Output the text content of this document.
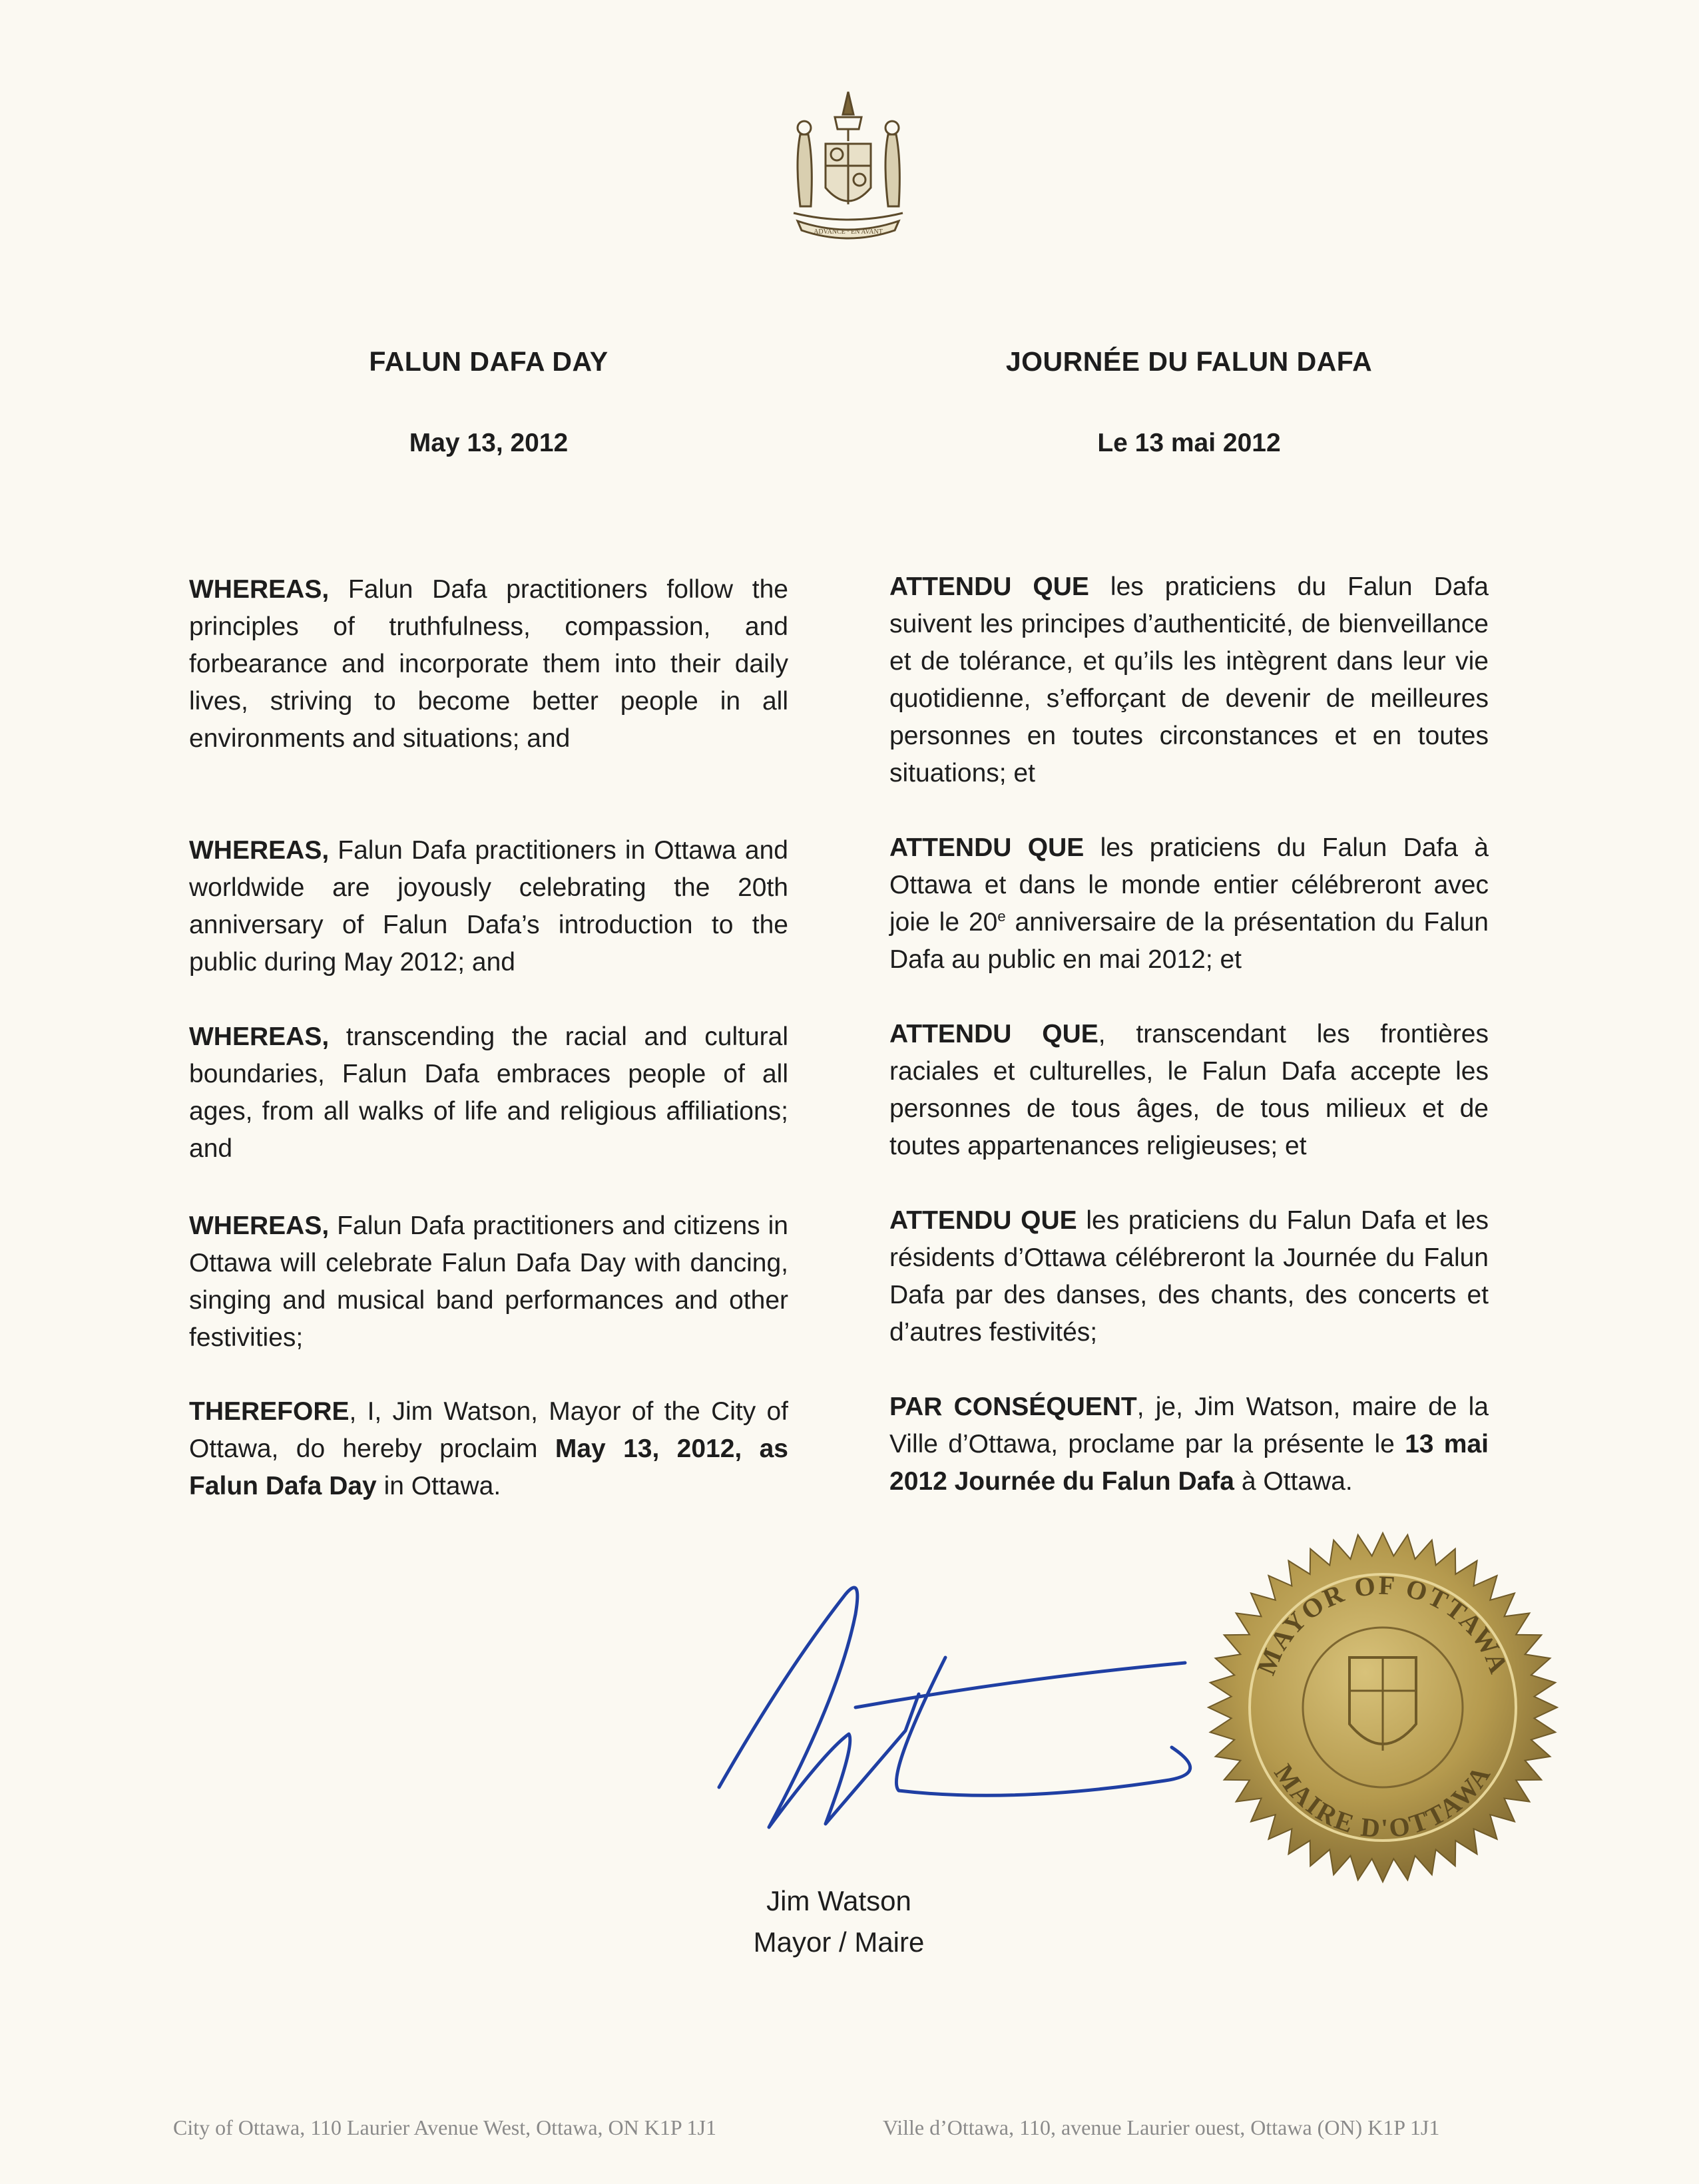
ADVANCE · EN AVANT
FALUN DAFA DAY
May 13, 2012
WHEREAS, Falun Dafa practitioners follow the principles of truthfulness, compassion, and forbearance and incorporate them into their daily lives, striving to become better people in all environments and situations; and
WHEREAS, Falun Dafa practitioners in Ottawa and worldwide are joyously celebrating the 20th anniversary of Falun Dafa’s introduction to the public during May 2012; and
WHEREAS, transcending the racial and cultural boundaries, Falun Dafa embraces people of all ages, from all walks of life and religious affiliations; and
WHEREAS, Falun Dafa practitioners and citizens in Ottawa will celebrate Falun Dafa Day with dancing, singing and musical band performances and other festivities;
THEREFORE, I, Jim Watson, Mayor of the City of Ottawa, do hereby proclaim May 13, 2012, as Falun Dafa Day in Ottawa.
JOURNÉE DU FALUN DAFA
Le 13 mai 2012
ATTENDU QUE les praticiens du Falun Dafa suivent les principes d’authenticité, de bienveillance et de tolérance, et qu’ils les intègrent dans leur vie quotidienne, s’efforçant de devenir de meilleures personnes en toutes circonstances et en toutes situations; et
ATTENDU QUE les praticiens du Falun Dafa à Ottawa et dans le monde entier célébreront avec joie le 20e anniversaire de la présentation du Falun Dafa au public en mai 2012; et
ATTENDU QUE, transcendant les frontières raciales et culturelles, le Falun Dafa accepte les personnes de tous âges, de tous milieux et de toutes appartenances religieuses; et
ATTENDU QUE les praticiens du Falun Dafa et les résidents d’Ottawa célébreront la Journée du Falun Dafa par des danses, des chants, des concerts et d’autres festivités;
PAR CONSÉQUENT, je, Jim Watson, maire de la Ville d’Ottawa, proclame par la présente le 13 mai 2012 Journée du Falun Dafa à Ottawa.
Jim Watson
Mayor / Maire
MAYOR OF OTTAWA
MAIRE D'OTTAWA
City of Ottawa, 110 Laurier Avenue West, Ottawa, ON K1P 1J1	Ville d’Ottawa, 110, avenue Laurier ouest, Ottawa (ON) K1P 1J1
